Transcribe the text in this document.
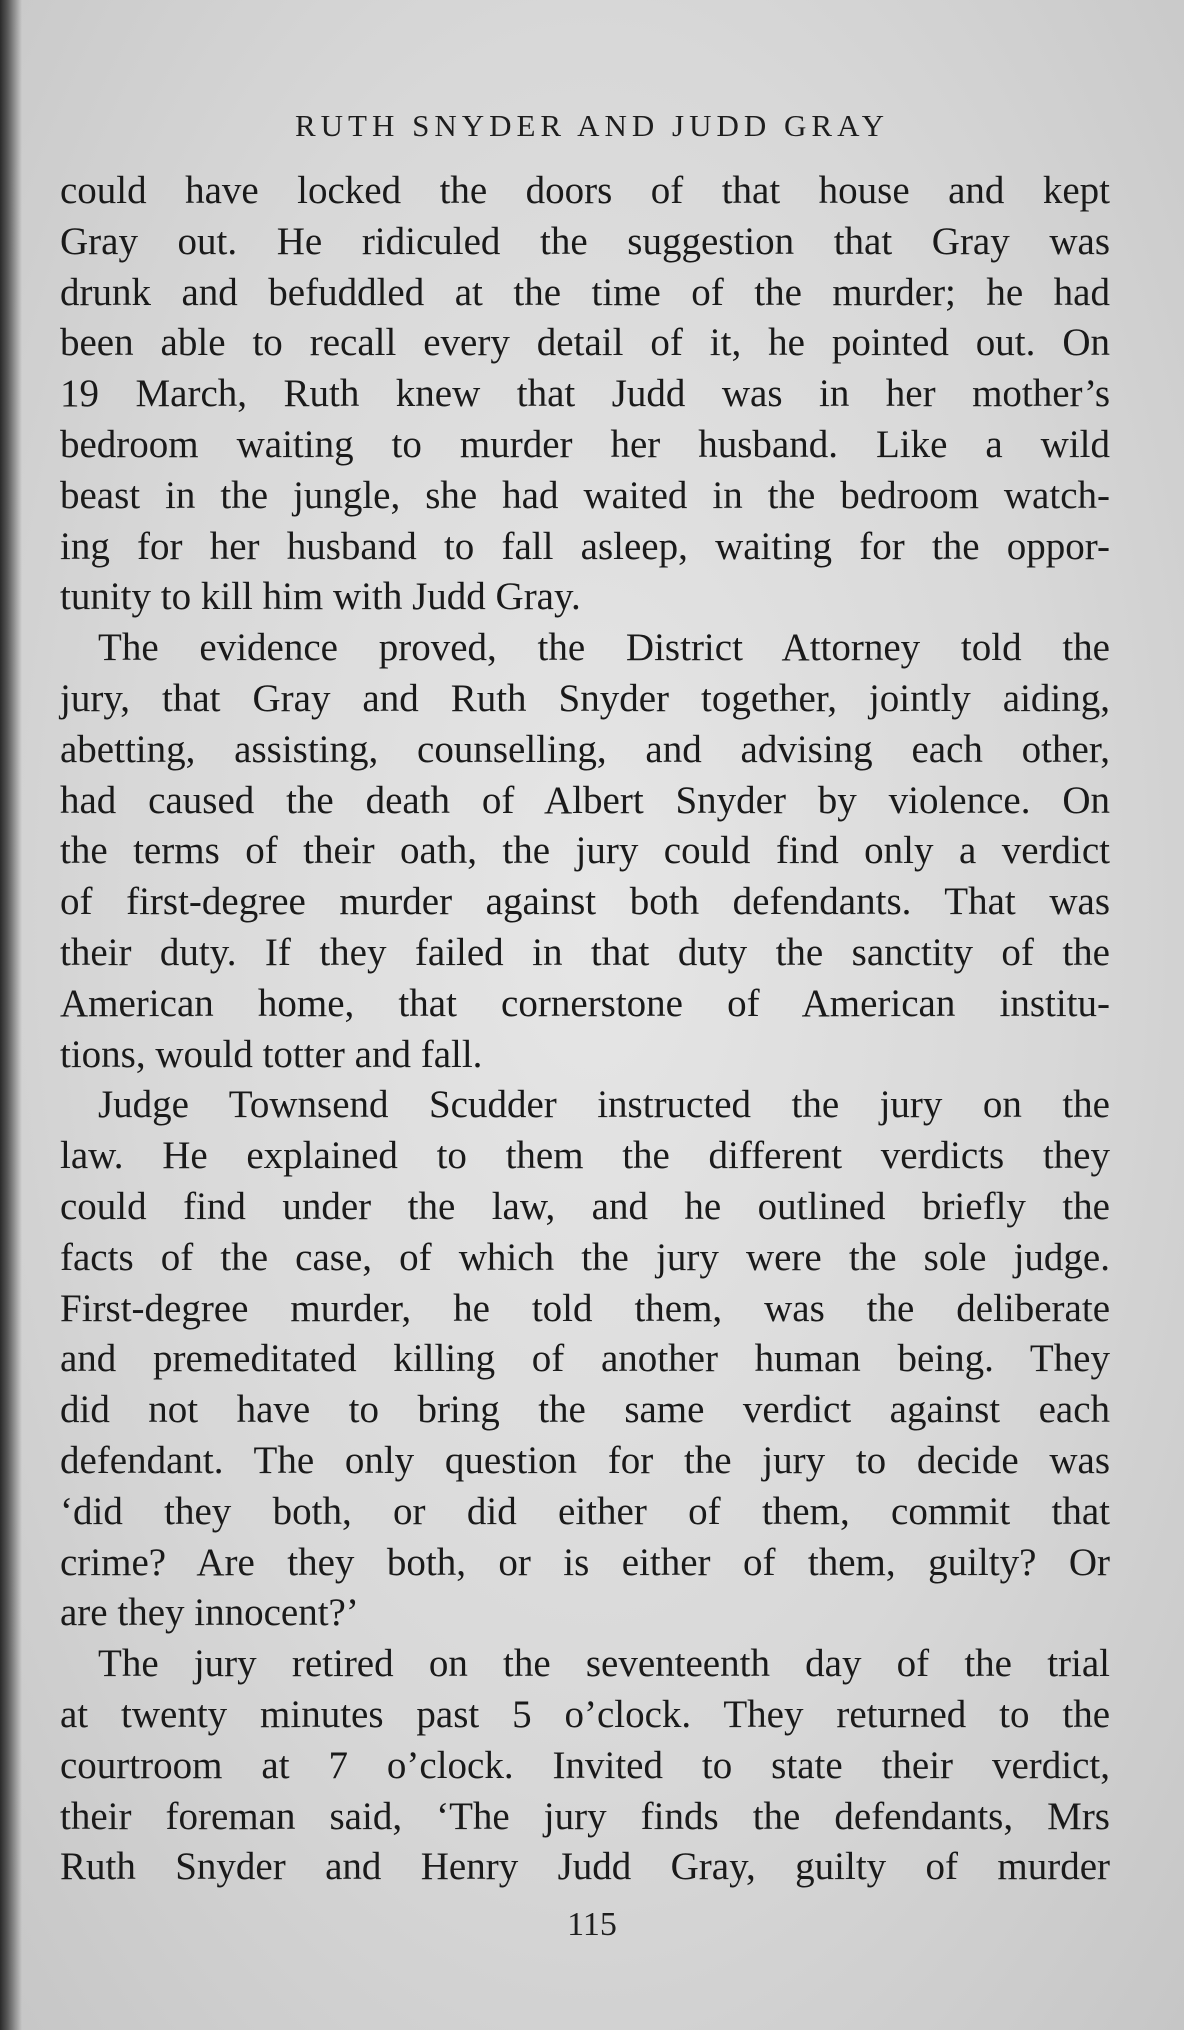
RUTH SNYDER AND JUDD GRAY
could have locked the doors of that house and kept
Gray out. He ridiculed the suggestion that Gray was
drunk and befuddled at the time of the murder; he had
been able to recall every detail of it, he pointed out. On
19 March, Ruth knew that Judd was in her mother’s
bedroom waiting to murder her husband. Like a wild
beast in the jungle, she had waited in the bedroom watch-
ing for her husband to fall asleep, waiting for the oppor-
tunity to kill him with Judd Gray.
The evidence proved, the District Attorney told the
jury, that Gray and Ruth Snyder together, jointly aiding,
abetting, assisting, counselling, and advising each other,
had caused the death of Albert Snyder by violence. On
the terms of their oath, the jury could find only a verdict
of first-degree murder against both defendants. That was
their duty. If they failed in that duty the sanctity of the
American home, that cornerstone of American institu-
tions, would totter and fall.
Judge Townsend Scudder instructed the jury on the
law. He explained to them the different verdicts they
could find under the law, and he outlined briefly the
facts of the case, of which the jury were the sole judge.
First-degree murder, he told them, was the deliberate
and premeditated killing of another human being. They
did not have to bring the same verdict against each
defendant. The only question for the jury to decide was
‘did they both, or did either of them, commit that
crime? Are they both, or is either of them, guilty? Or
are they innocent?’
The jury retired on the seventeenth day of the trial
at twenty minutes past 5 o’clock. They returned to the
courtroom at 7 o’clock. Invited to state their verdict,
their foreman said, ‘The jury finds the defendants, Mrs
Ruth Snyder and Henry Judd Gray, guilty of murder
115
